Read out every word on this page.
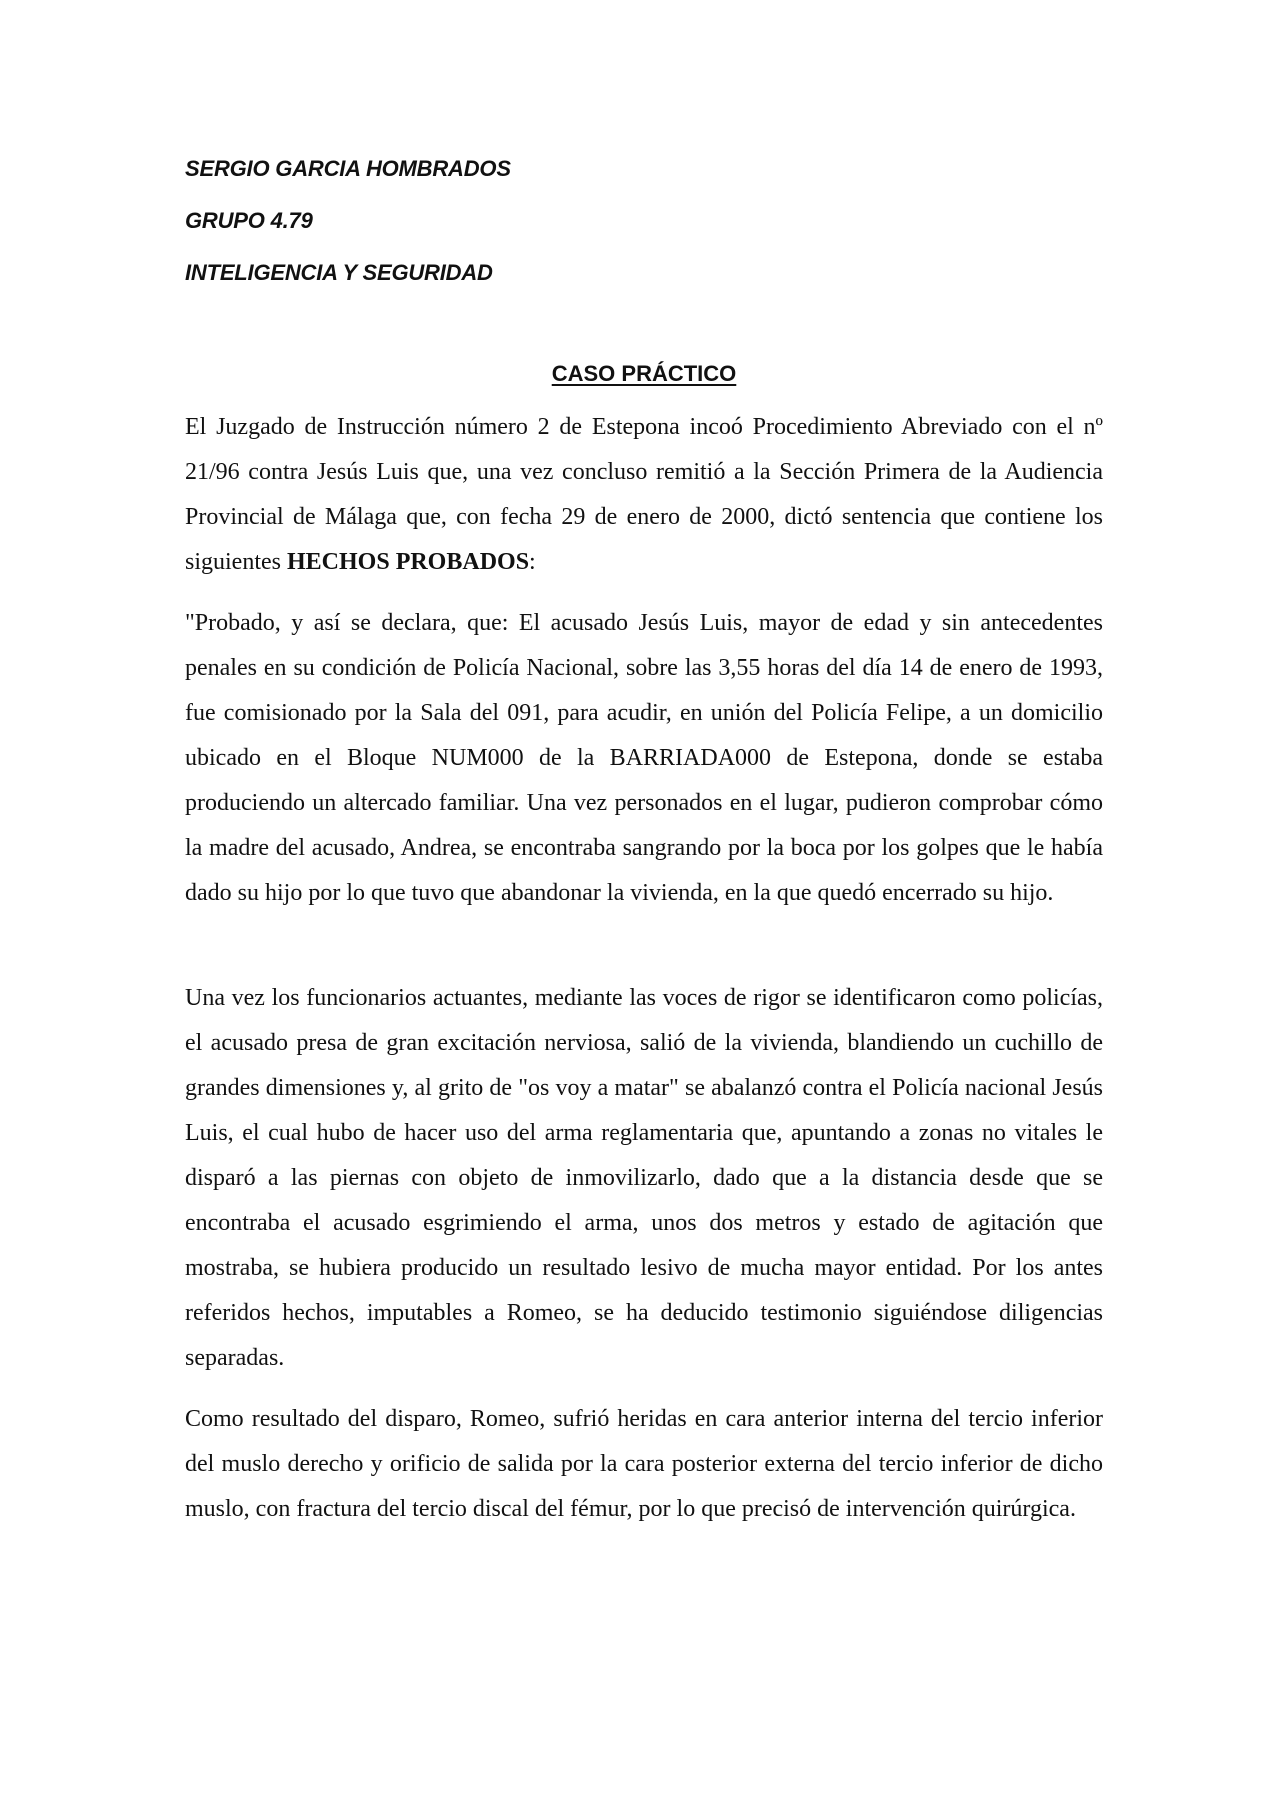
SERGIO GARCIA HOMBRADOS
GRUPO 4.79
INTELIGENCIA Y SEGURIDAD
CASO PRÁCTICO

El Juzgado de Instrucción número 2 de Estepona incoó Procedimiento Abreviado con el nº 21/96 contra Jesús Luis que, una vez concluso remitió a la Sección Primera de la Audiencia Provincial de Málaga que, con fecha 29 de enero de 2000, dictó sentencia que contiene los siguientes HECHOS PROBADOS:

"Probado, y así se declara, que: El acusado Jesús Luis, mayor de edad y sin antecedentes penales en su condición de Policía Nacional, sobre las 3,55 horas del día 14 de enero de 1993, fue comisionado por la Sala del 091, para acudir, en unión del Policía Felipe, a un domicilio ubicado en el Bloque NUM000 de la BARRIADA000 de Estepona, donde se estaba produciendo un altercado familiar. Una vez personados en el lugar, pudieron comprobar cómo la madre del acusado, Andrea, se encontraba sangrando por la boca por los golpes que le había dado su hijo por lo que tuvo que abandonar la vivienda, en la que quedó encerrado su hijo.

Una vez los funcionarios actuantes, mediante las voces de rigor se identificaron como policías, el acusado presa de gran excitación nerviosa, salió de la vivienda, blandiendo un cuchillo de grandes dimensiones y, al grito de "os voy a matar" se abalanzó contra el Policía nacional Jesús Luis, el cual hubo de hacer uso del arma reglamentaria que, apuntando a zonas no vitales le disparó a las piernas con objeto de inmovilizarlo, dado que a la distancia desde que se encontraba el acusado esgrimiendo el arma, unos dos metros y estado de agitación que mostraba, se hubiera producido un resultado lesivo de mucha mayor entidad. Por los antes referidos hechos, imputables a Romeo, se ha deducido testimonio siguiéndose diligencias separadas.

Como resultado del disparo, Romeo, sufrió heridas en cara anterior interna del tercio inferior del muslo derecho y orificio de salida por la cara posterior externa del tercio inferior de dicho muslo, con fractura del tercio discal del fémur, por lo que precisó de intervención quirúrgica.
